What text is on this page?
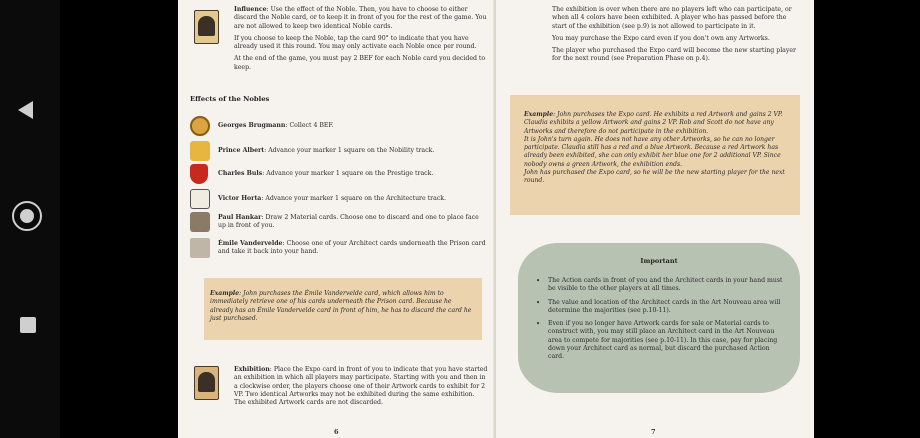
Influence: Use the effect of the Noble. Then, you have to choose to either discard the Noble card, or to keep it in front of you for the rest of the game. You are not allowed to keep two identical Noble cards.

If you choose to keep the Noble, tap the card 90° to indicate that you have already used it this round. You may only activate each Noble once per round.

At the end of the game, you must pay 2 BEF for each Noble card you decided to keep.

Effects of the Nobles

Georges Brugmann: Collect 4 BEF.

Prince Albert: Advance your marker 1 square on the Nobility track.

Charles Buls: Advance your marker 1 square on the Prestige track.

Victor Horta: Advance your marker 1 square on the Architecture track.

Paul Hankar: Draw 2 Material cards. Choose one to discard and one to place face up in front of you.

Émile Vandervelde: Choose one of your Architect cards underneath the Prison card and take it back into your hand.

Example: John purchases the Émile Vandervelde card, which allows him to immediately retrieve one of his cards underneath the Prison card. Because he already has an Émile Vandervelde card in front of him, he has to discard the card he just purchased.

Exhibition: Place the Expo card in front of you to indicate that you have started an exhibition in which all players may participate. Starting with you and then in a clockwise order, the players choose one of their Artwork cards to exhibit for 2 VP. Two identical Artworks may not be exhibited during the same exhibition. The exhibited Artwork cards are not discarded.

6

The exhibition is over when there are no players left who can participate, or when all 4 colors have been exhibited. A player who has passed before the start of the exhibition (see p.9) is not allowed to participate in it.

You may purchase the Expo card even if you don't own any Artworks.

The player who purchased the Expo card will become the new starting player for the next round (see Preparation Phase on p.4).

Example: John purchases the Expo card. He exhibits a red Artwork and gains 2 VP. Claudia exhibits a yellow Artwork and gains 2 VP. Rob and Scott do not have any Artworks and therefore do not participate in the exhibition.

It is John's turn again. He does not have any other Artworks, so he can no longer participate. Claudia still has a red and a blue Artwork. Because a red Artwork has already been exhibited, she can only exhibit her blue one for 2 additional VP. Since nobody owns a green Artwork, the exhibition ends.

John has purchased the Expo card, so he will be the new starting player for the next round.

7
Important
• The Action cards in front of you and the Architect cards in your hand must be visible to the other players at all times.
• The value and location of the Architect cards in the Art Nouveau area will determine the majorities (see p.10-11).
• Even if you no longer have Artwork cards for sale or Material cards to construct with, you may still place an Architect card in the Art Nouveau area to compete for majorities (see p.10-11). In this case, pay for placing down your Architect card as normal, but discard the purchased Action card.
